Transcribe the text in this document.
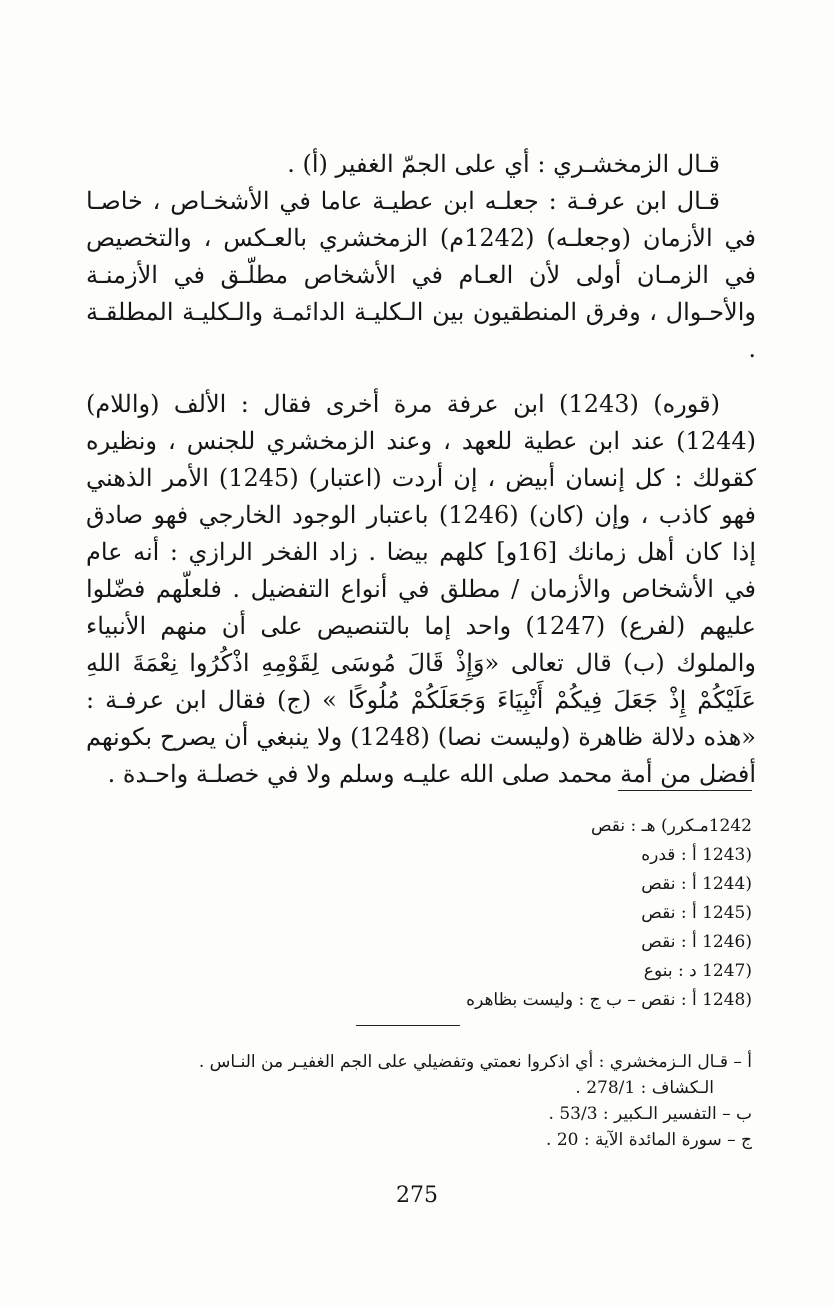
قـال الزمخشـري : أي على الجمّ الغفير (أ) .

قـال ابن عرفـة : جعلـه ابن عطيـة عاما في الأشخـاص ، خاصـا في الأزمان (وجعلـه) (1242م) الزمخشري بالعـكس ، والتخصيص في الزمـان أولى لأن العـام في الأشخاص مطلّـق في الأزمنـة والأحـوال ، وفرق المنطقيون بين الـكليـة الدائمـة والـكليـة المطلقـة .

(قوره) (1243) ابن عرفة مرة أخرى فقال : الألف (واللام) (1244) عند ابن عطية للعهد ، وعند الزمخشري للجنس ، ونظيره كقولك : كل إنسان أبيض ، إن أردت (اعتبار) (1245) الأمر الذهني فهو كاذب ، وإن (كان) (1246) باعتبار الوجود الخارجي فهو صادق إذا كان أهل زمانك [16و] كلهم بيضا . زاد الفخر الرازي : أنه عام في الأشخاص والأزمان / مطلق في أنواع التفضيل . فلعلّهم فضّلوا عليهم (لفرع) (1247) واحد إما بالتنصيص على أن منهم الأنبياء والملوك (ب) قال تعالى «وَإِذْ قَالَ مُوسَى لِقَوْمِهِ اذْكُرُوا نِعْمَةَ اللهِ عَلَيْكُمْ إِذْ جَعَلَ فِيكُمْ أَنْبِيَاءَ وَجَعَلَكُمْ مُلُوكًا » (ج) فقال ابن عرفـة : «هذه دلالة ظاهرة (وليست نصا) (1248) ولا ينبغي أن يصرح بكونهم أفضل من أمة محمد صلى الله عليـه وسلم ولا في خصلـة واحـدة .

1242مـكرر) هـ : نقص
(1243 أ : قدره
(1244 أ : نقص
(1245 أ : نقص
(1246 أ : نقص
(1247 د : بنوع
(1248 أ : نقص – ب ج : وليست بظاهره
أ – قـال الـزمخشري : أي اذكروا نعمتي وتفضيلي على الجم الغفيـر من النـاس .
الـكشاف : 278/1 .
ب – التفسير الـكبير : 53/3 .
ج – سورة المائدة الآية : 20 .
275
